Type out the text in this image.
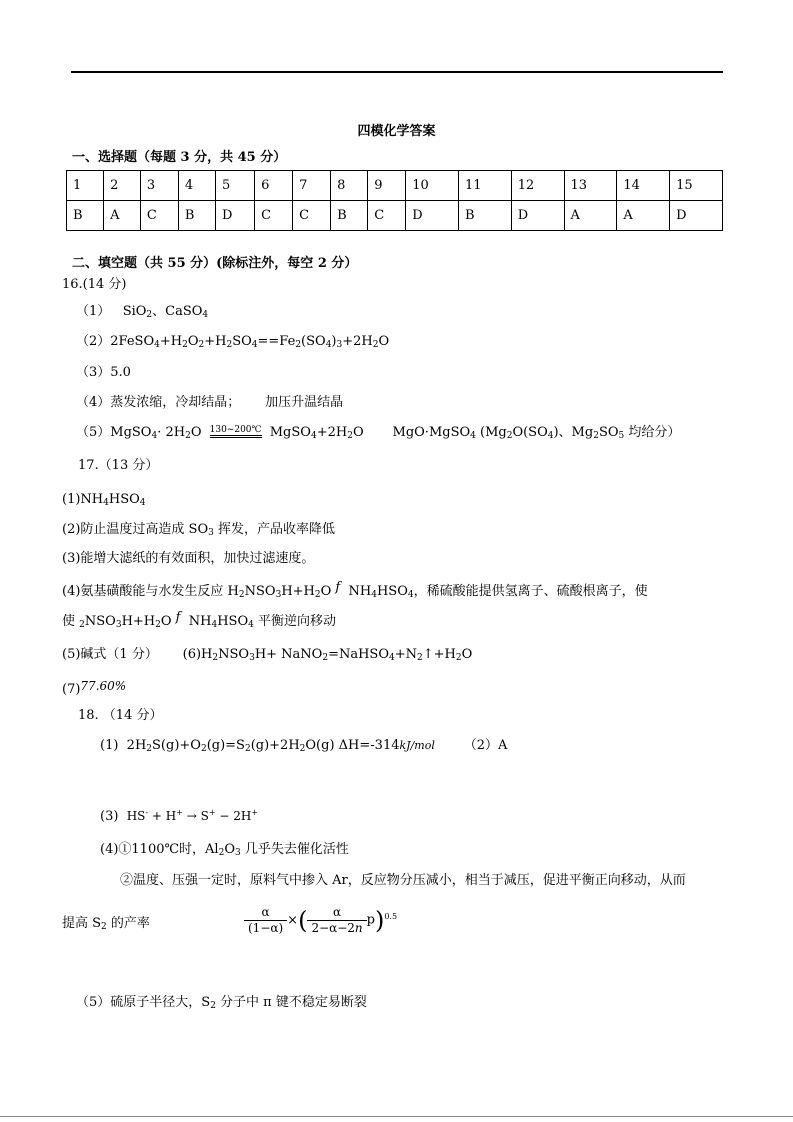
四模化学答案
一、选择题（每题 3 分，共 45 分）
1	2	3	4	5	6	7	8	9	10	11	12	13	14	15
B	A	C	B	D	C	C	B	C	D	B	D	A	A	D
二、填空题（共 55 分）(除标注外，每空 2 分）
16.(14 分)
（1） SiO$_2$、CaSO$_4$
$(2)2FeSO_4+H_2O_2+H_2SO_4==Fe_2(SO_4)_3+2H_2O$
（3）5.0
（4）蒸发浓缩，冷却结晶；      加压升温结晶
（5）MgSO$_4$· $2H_2O$ 130~200℃ $MgSO_4+2H_2O$       MgO·MgSO$_4$ ($Mg_2O(SO_4)$、$Mg_2SO_5$ 均给分）
17.（13 分）
$(1)NH_4HSO_4$
(2)防止温度过高造成 $SO_3$ 挥发，产品收率降低
(3)能增大滤纸的有效面积，加快过滤速度。
(4)氨基磺酸能与水发生反应 $H_2NSO_3H+H_2O$ f  $NH_4HSO_4$，稀硫酸能提供氢离子、硫酸根离子，使
使 $_2NSO_3H+H_2O$ f  $NH_4HSO_4$ 平衡逆向移动
(5)碱式（1 分） $(6)H_2NSO_3H+$ $NaNO_2=NaHSO_4+N_2↑+H_2O$
(7)77.60%
18. （14 分）
(1)  $2H_2S(g)+O_2(g)=S_2(g)+2H_2O(g)$ ΔH=-314kJ/mol （2）A
(3) HS- + H+ → S+ − 2H+
(4)①1100℃时，$Al_2O_3$ 几乎失去催化活性
②温度、压强一定时，原料气中掺入 Ar，反应物分压减小，相当于减压，促进平衡正向移动，从而
提高 $S_2$ 的产率	$\frac{\alpha}{(1-\alpha)}$ ×( $\frac{\alpha}{2-\alpha-2n} p)^{0.5}$
（5）硫原子半径大，$S_2$ 分子中 π 键不稳定易断裂
